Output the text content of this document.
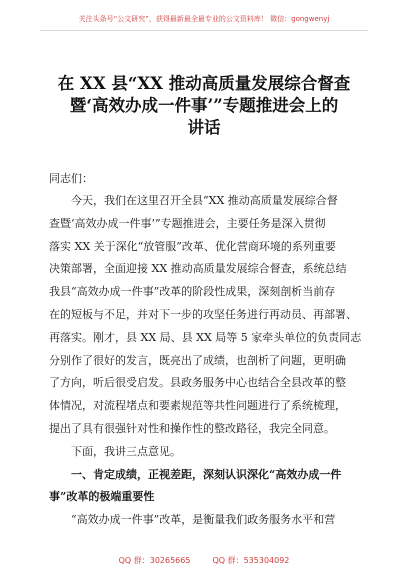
关注头条号“公文研究”，获得最新最全最专业的公文资料库！ 微信：gongwenyj
在 XX 县“XX 推动高质量发展综合督查
暨‘高效办成一件事’”专题推进会上的
讲话
同志们：
今天，我们在这里召开全县“XX 推动高质量发展综合督
查暨‘高效办成一件事’”专题推进会，主要任务是深入贯彻
落实 XX 关于深化“放管服”改革、优化营商环境的系列重要
决策部署，全面迎接 XX 推动高质量发展综合督查，系统总结
我县“高效办成一件事”改革的阶段性成果，深刻剖析当前存
在的短板与不足，并对下一步的攻坚任务进行再动员、再部署、
再落实。刚才，县 XX 局、县 XX 局等 5 家牵头单位的负责同志
分别作了很好的发言，既亮出了成绩，也剖析了问题，更明确
了方向，听后很受启发。县政务服务中心也结合全县改革的整
体情况，对流程堵点和要素规范等共性问题进行了系统梳理，
提出了具有很强针对性和操作性的整改路径，我完全同意。
下面，我讲三点意见。
一、肯定成绩，正视差距，深刻认识深化“高效办成一件
事”改革的极端重要性
“高效办成一件事”改革，是衡量我们政务服务水平和营
QQ 群：30265665	QQ 群：535304092
